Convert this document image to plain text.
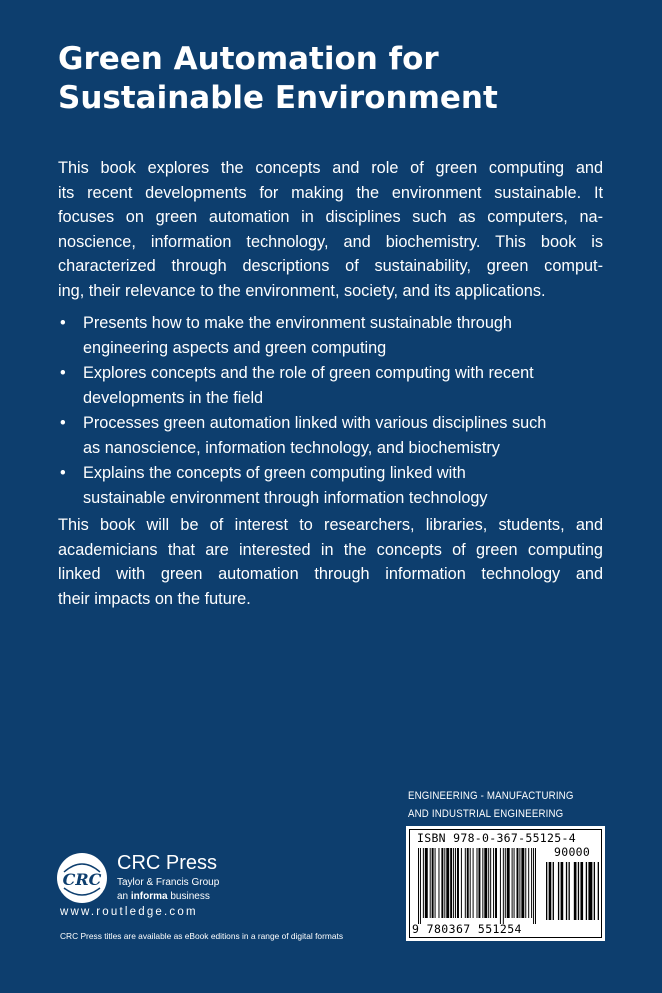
Green Automation for
Sustainable Environment

This book explores the concepts and role of green computing and
its recent developments for making the environment sustainable. It
focuses on green automation in disciplines such as computers, na-
noscience, information technology, and biochemistry. This book is
characterized through descriptions of sustainability, green comput-
ing, their relevance to the environment, society, and its applications.

• Presents how to make the environment sustainable through
engineering aspects and green computing
• Explores concepts and the role of green computing with recent
developments in the field
• Processes green automation linked with various disciplines such
as nanoscience, information technology, and biochemistry
• Explains the concepts of green computing linked with
sustainable environment through information technology

This book will be of interest to researchers, libraries, students, and
academicians that are interested in the concepts of green computing
linked with green automation through information technology and
their impacts on the future.

ENGINEERING - MANUFACTURING
AND INDUSTRIAL ENGINEERING
ISBN 978-0-367-55125-4
90000
9 780367 551254
CRC
CRC Press
Taylor & Francis Group
an informa business
www.routledge.com
CRC Press titles are available as eBook editions in a range of digital formats
